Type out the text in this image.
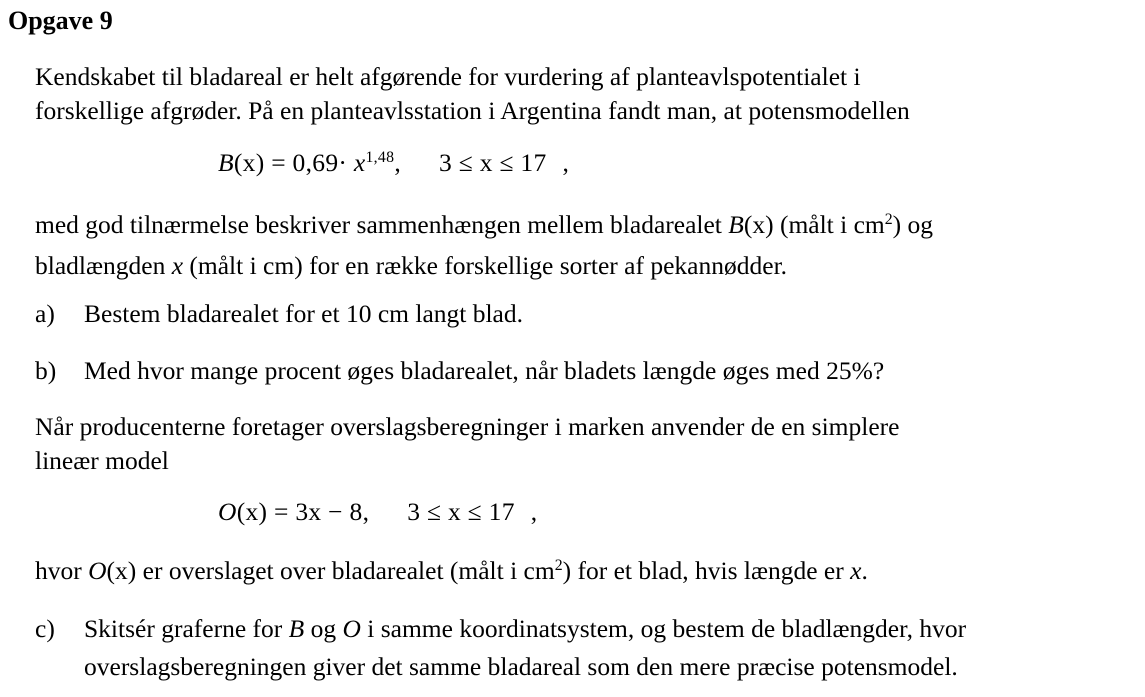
Opgave 9
Kendskabet til bladareal er helt afgørende for vurdering af planteavlspotentialet i
forskellige afgrøder. På en planteavlsstation i Argentina fandt man, at potensmodellen
$B(x) = 0,69\cdot x^{1,48}$, 3 ≤ x ≤ 17 ,
med god tilnærmelse beskriver sammenhængen mellem bladarealet B(x) (målt i $cm^2$) og
bladlængden x (målt i cm) for en række forskellige sorter af pekannødder.
a) Bestem bladarealet for et 10 cm langt blad.
b) Med hvor mange procent øges bladarealet, når bladets længde øges med 25%?
Når producenterne foretager overslagsberegninger i marken anvender de en simplere
lineær model
O(x) = 3x − 8, 3 ≤ x ≤ 17 ,
hvor O(x) er overslaget over bladarealet (målt i $cm^2$) for et blad, hvis længde er x.
c) Skitsér graferne for B og O i samme koordinatsystem, og bestem de bladlængder, hvor
overslagsberegningen giver det samme bladareal som den mere præcise potensmodel.
